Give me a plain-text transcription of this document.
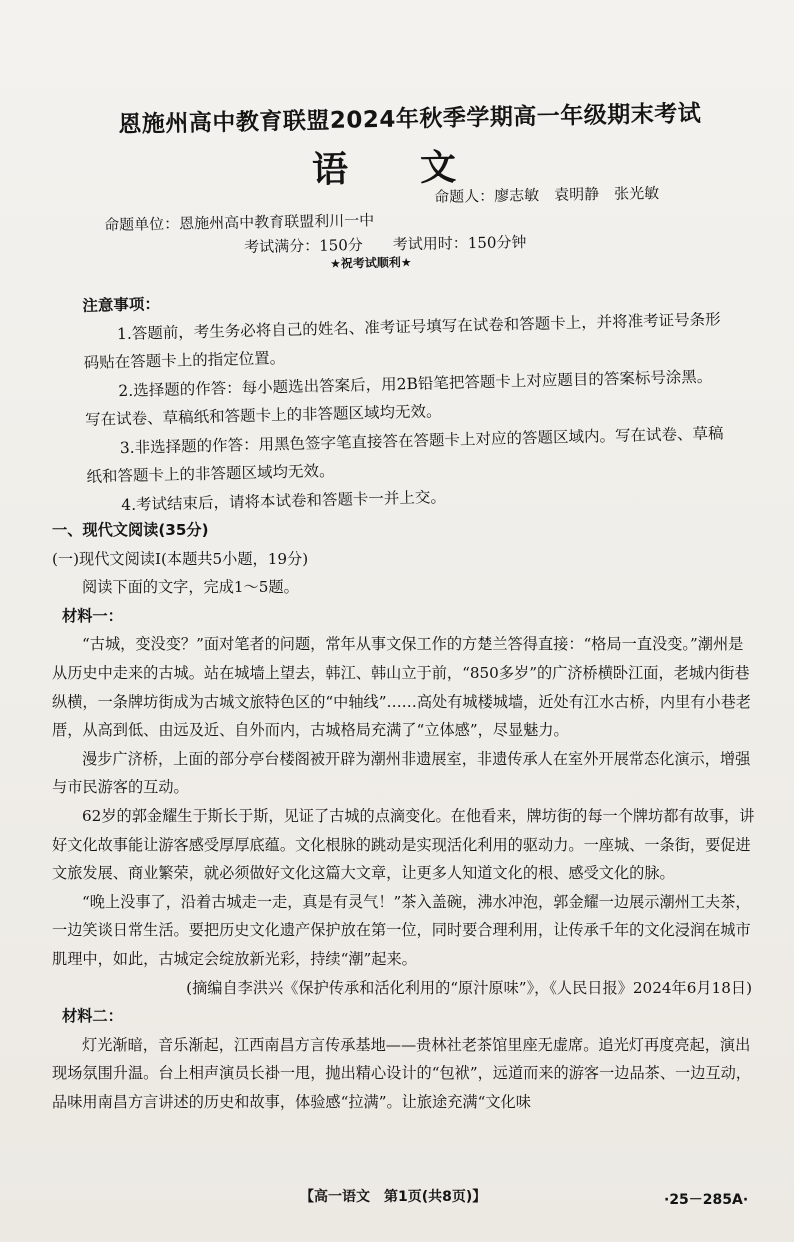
恩施州高中教育联盟2024年秋季学期高一年级期末考试
语文
命题人：廖志敏　袁明静　张光敏
命题单位：恩施州高中教育联盟利川一中
考试满分：150分　　考试用时：150分钟
★祝考试顺利★

注意事项：

1.答题前，考生务必将自己的姓名、准考证号填写在试卷和答题卡上，并将准考证号条形码贴在答题卡上的指定位置。

2.选择题的作答：每小题选出答案后，用2B铅笔把答题卡上对应题目的答案标号涂黑。写在试卷、草稿纸和答题卡上的非答题区域均无效。

3.非选择题的作答：用黑色签字笔直接答在答题卡上对应的答题区域内。写在试卷、草稿纸和答题卡上的非答题区域均无效。

4.考试结束后，请将本试卷和答题卡一并上交。

一、现代文阅读(35分)

(一)现代文阅读Ⅰ(本题共5小题，19分)

阅读下面的文字，完成1～5题。

材料一：

“古城，变没变？”面对笔者的问题，常年从事文保工作的方楚兰答得直接：“格局一直没变。”潮州是从历史中走来的古城。站在城墙上望去，韩江、韩山立于前，“850多岁”的广济桥横卧江面，老城内街巷纵横，一条牌坊街成为古城文旅特色区的“中轴线”……高处有城楼城墙，近处有江水古桥，内里有小巷老厝，从高到低、由远及近、自外而内，古城格局充满了“立体感”，尽显魅力。

漫步广济桥，上面的部分亭台楼阁被开辟为潮州非遗展室，非遗传承人在室外开展常态化演示，增强与市民游客的互动。

62岁的郭金耀生于斯长于斯，见证了古城的点滴变化。在他看来，牌坊街的每一个牌坊都有故事，讲好文化故事能让游客感受厚厚底蕴。文化根脉的跳动是实现活化利用的驱动力。一座城、一条街，要促进文旅发展、商业繁荣，就必须做好文化这篇大文章，让更多人知道文化的根、感受文化的脉。

“晚上没事了，沿着古城走一走，真是有灵气！”茶入盖碗，沸水冲泡，郭金耀一边展示潮州工夫茶，一边笑谈日常生活。要把历史文化遗产保护放在第一位，同时要合理利用，让传承千年的文化浸润在城市肌理中，如此，古城定会绽放新光彩，持续“潮”起来。

(摘编自李洪兴《保护传承和活化利用的“原汁原味”》，《人民日报》2024年6月18日)

材料二：

灯光渐暗，音乐渐起，江西南昌方言传承基地——贵林社老茶馆里座无虚席。追光灯再度亮起，演出现场氛围升温。台上相声演员长褂一甩，抛出精心设计的“包袱”，远道而来的游客一边品茶、一边互动，品味用南昌方言讲述的历史和故事，体验感“拉满”。让旅途充满“文化味

【高一语文　第1页(共8页)】	·25－285A·
